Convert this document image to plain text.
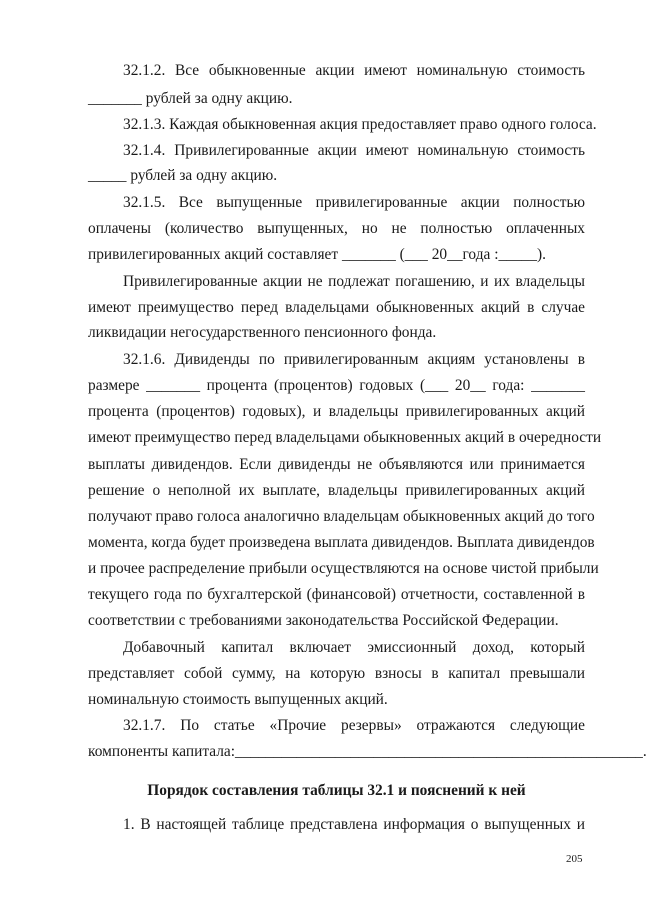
32.1.2. Все обыкновенные акции имеют номинальную стоимость
_______ рублей за одну акцию.
32.1.3. Каждая обыкновенная акция предоставляет право одного голоса.
32.1.4. Привилегированные акции имеют номинальную стоимость
_____ рублей за одну акцию.
32.1.5. Все выпущенные привилегированные акции полностью
оплачены (количество выпущенных, но не полностью оплаченных
привилегированных акций составляет _______ (___ 20__года :_____).
Привилегированные акции не подлежат погашению, и их владельцы
имеют преимущество перед владельцами обыкновенных акций в случае
ликвидации негосударственного пенсионного фонда.
32.1.6. Дивиденды по привилегированным акциям установлены в
размере _______ процента (процентов) годовых (___ 20__ года: _______
процента (процентов) годовых), и владельцы привилегированных акций
имеют преимущество перед владельцами обыкновенных акций в очередности
выплаты дивидендов. Если дивиденды не объявляются или принимается
решение о неполной их выплате, владельцы привилегированных акций
получают право голоса аналогично владельцам обыкновенных акций до того
момента, когда будет произведена выплата дивидендов. Выплата дивидендов
и прочее распределение прибыли осуществляются на основе чистой прибыли
текущего года по бухгалтерской (финансовой) отчетности, составленной в
соответствии с требованиями законодательства Российской Федерации.
Добавочный капитал включает эмиссионный доход, который
представляет собой сумму, на которую взносы в капитал превышали
номинальную стоимость выпущенных акций.
32.1.7. По статье «Прочие резервы» отражаются следующие
компоненты капитала:_____________________________________________________.
Порядок составления таблицы 32.1 и пояснений к ней
1. В настоящей таблице представлена информация о выпущенных и
205
